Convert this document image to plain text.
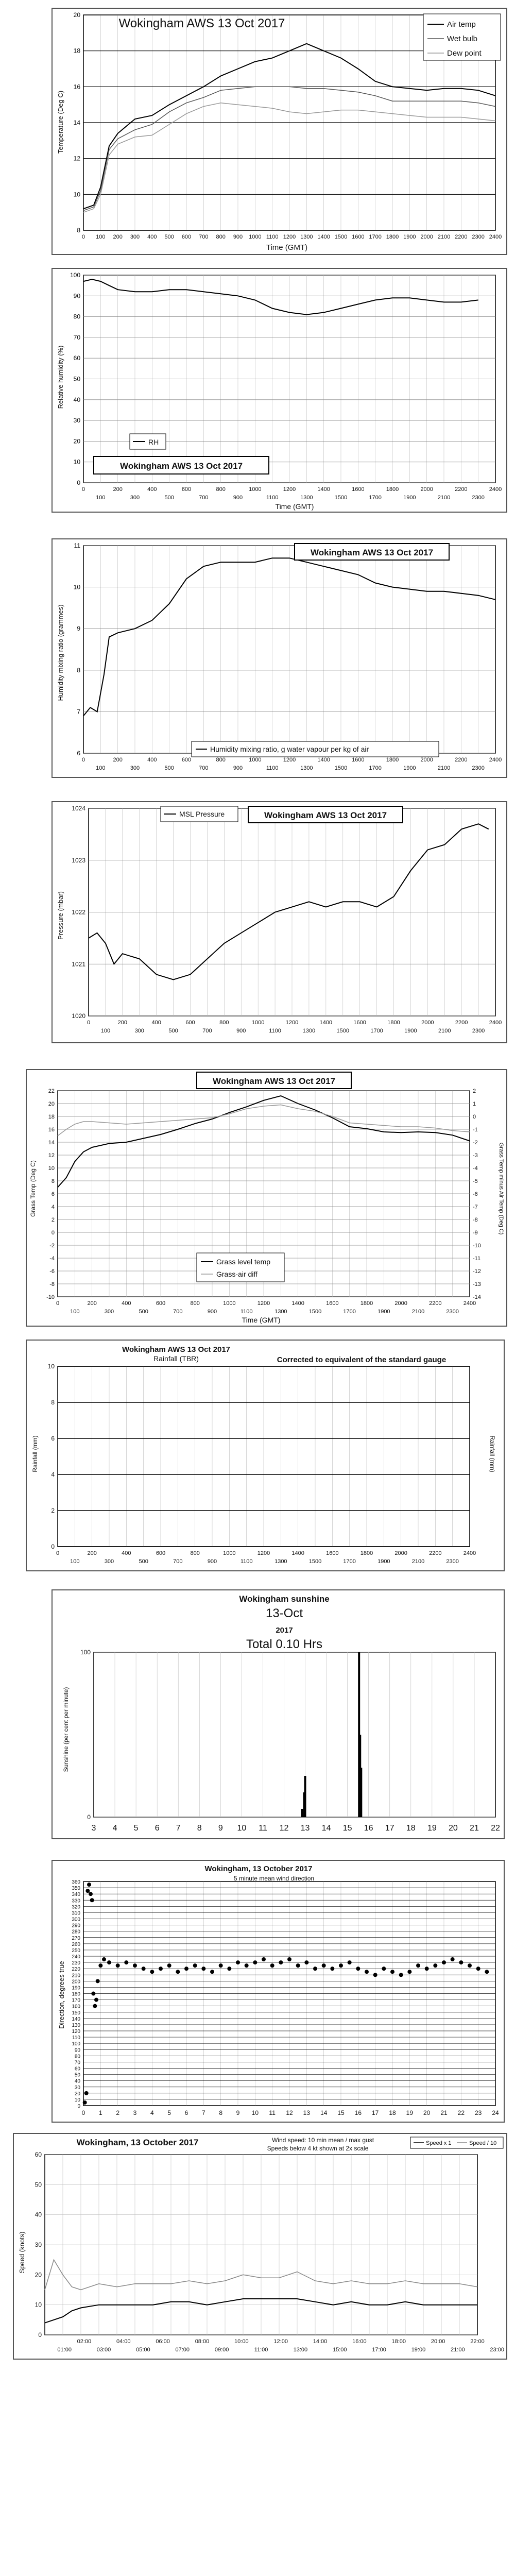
8
10
12
14
16
18
20
0 100 200 300 400 500 600 700 800 900 1000 1100 1200 1300 1400 1500 1600 1700 1800 1900 2000 2100 2200 2300 2400
Wokingham AWS 13 Oct 2017	Air temp
Wet bulb
Dew point
Time (GMT)
Temperature (Deg C)
0
10
20
30
40
50
60
70
80
90
100
0	200	400	600	800	1000	1200	1400	1600	1800	2000	2200	2400
100	300	500	700	900	1100	1300	1500	1700	1900	2100	2300
RH
Wokingham AWS 13 Oct 2017
Time (GMT)
Relative humidity (%)
6
7
8
9
10
11
0	200	400	600	800	1000	1200	1400	1600	1800	2000	2200	2400
100	300	500	700	900	1100	1300	1500	1700	1900	2100	2300
Wokingham AWS 13 Oct 2017
Humidity mixing ratio, g water vapour per kg of air
Humidity mixing ratio (grammes)
1020
1021
1022
1023
1024
0	200	400	600	800	1000	1200	1400	1600	1800	2000	2200	2400
100	300	500	700	900	1100	1300	1500	1700	1900	2100	2300
MSL Pressure	Wokingham AWS 13 Oct 2017
Pressure (mbar)
-10
-8
-6
-4
-2
0
2
4
6
8
10
12
14
16
18
20
22
-14
-13
-12
-11
-10
-9
-8
-7
-6
-5
-4
-3
-2
-1
0
1
2
0	200	400	600	800	1000	1200	1400	1600	1800	2000	2200	2400
100	300	500	700	900	1100	1300	1500	1700	1900	2100	2300
Wokingham AWS 13 Oct 2017
Grass level temp
Grass-air diff
Time (GMT)
Grass Temp (Deg C)	Grass Temp minus Air Temp (Deg C)
0
2
4
6
8
10
0	200	400	600	800	1000	1200	1400	1600	1800	2000	2200	2400
100	300	500	700	900	1100	1300	1500	1700	1900	2100	2300
Wokingham AWS 13 Oct 2017
Rainfall (TBR)	Corrected to equivalent of the standard gauge
Rainfall (mm)	Rainfall (mm)
0
100
3 4 5 6 7 8 9 10 11 12 13 14 15 16 17 18 19 20 21 22
Wokingham sunshine
13-Oct
2017
Total 0.10 Hrs
Sunshine (per cent per minute)
0
10
20
30
40
50
60
70
80
90
100
110
120
130
140
150
160
170
180
190
200
210
220
230
240
250
260
270
280
290
300
310
320
330
340
350
360
0 1 2 3 4 5 6 7 8 9 10 11 12 13 14 15 16 17 18 19 20 21 22 23 24
Wokingham, 13 October 2017
5 minute mean wind direction
Direction, degrees true
0
10
20
30
40
50
60
02:00	04:00	06:00	08:00	10:00	12:00	14:00	16:00	18:00	20:00	22:00
01:00	03:00	05:00	07:00	09:00	11:00	13:00	15:00	17:00	19:00	21:00	23:00
Wokingham, 13 October 2017	Wind speed: 10 min mean / max gust
Speeds below 4 kt shown at 2x scale
Speed x 1	Speed / 10
Speed (knots)
